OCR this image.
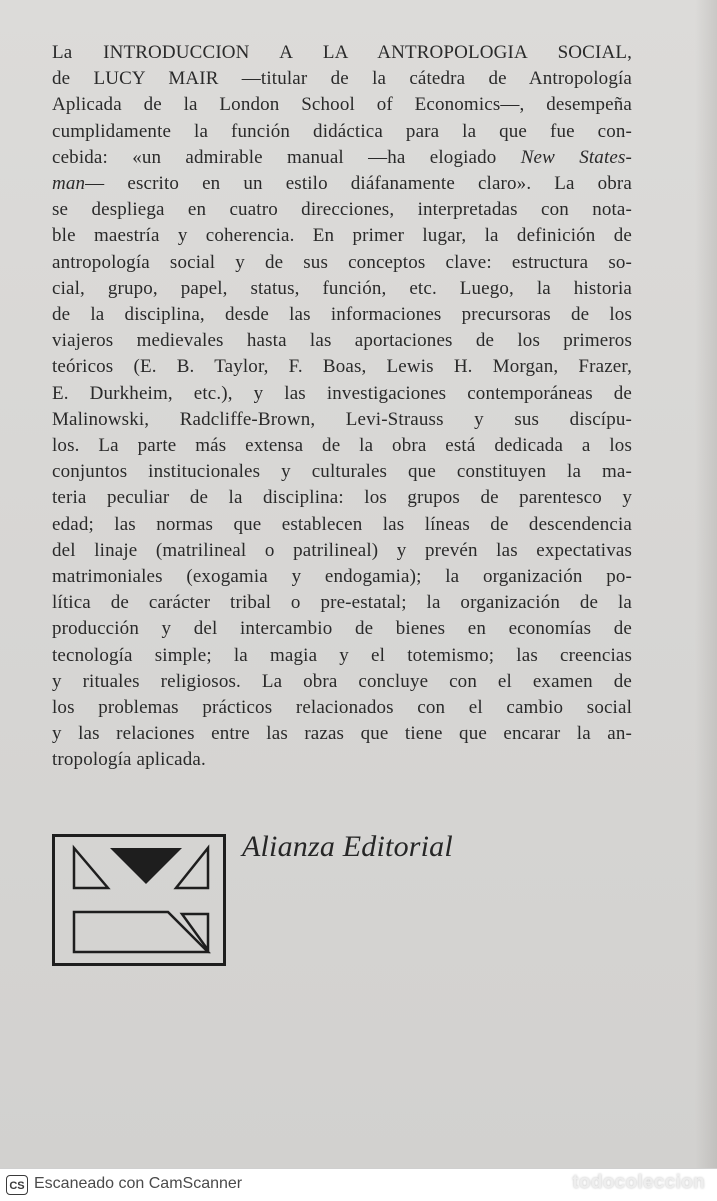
La INTRODUCCION A LA ANTROPOLOGIA SOCIAL,
de LUCY MAIR —titular de la cátedra de Antropología
Aplicada de la London School of Economics—, desempeña
cumplidamente la función didáctica para la que fue con-
cebida: «un admirable manual —ha elogiado New States-
man— escrito en un estilo diáfanamente claro». La obra
se despliega en cuatro direcciones, interpretadas con nota-
ble maestría y coherencia. En primer lugar, la definición de
antropología social y de sus conceptos clave: estructura so-
cial, grupo, papel, status, función, etc. Luego, la historia
de la disciplina, desde las informaciones precursoras de los
viajeros medievales hasta las aportaciones de los primeros
teóricos (E. B. Taylor, F. Boas, Lewis H. Morgan, Frazer,
E. Durkheim, etc.), y las investigaciones contemporáneas de
Malinowski, Radcliffe-Brown, Levi-Strauss y sus discípu-
los. La parte más extensa de la obra está dedicada a los
conjuntos institucionales y culturales que constituyen la ma-
teria peculiar de la disciplina: los grupos de parentesco y
edad; las normas que establecen las líneas de descendencia
del linaje (matrilineal o patrilineal) y prevén las expectativas
matrimoniales (exogamia y endogamia); la organización po-
lítica de carácter tribal o pre-estatal; la organización de la
producción y del intercambio de bienes en economías de
tecnología simple; la magia y el totemismo; las creencias
y rituales religiosos. La obra concluye con el examen de
los problemas prácticos relacionados con el cambio social
y las relaciones entre las razas que tiene que encarar la an-
tropología aplicada.
Alianza Editorial
CS Escaneado con CamScanner	todocoleccion
